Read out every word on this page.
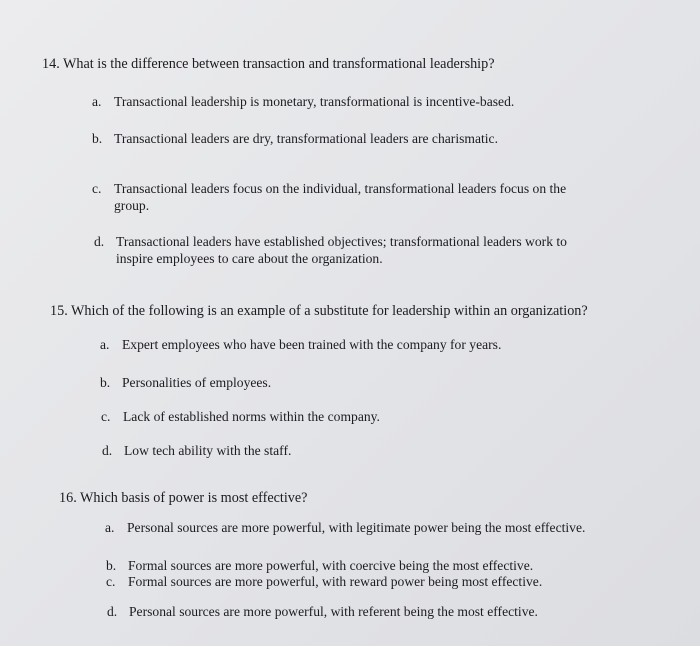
14. What is the difference between transaction and transformational leadership?
a. Transactional leadership is monetary, transformational is incentive-based.
b. Transactional leaders are dry, transformational leaders are charismatic.
c. Transactional leaders focus on the individual, transformational leaders focus on the
group.
d. Transactional leaders have established objectives; transformational leaders work to
inspire employees to care about the organization.
15. Which of the following is an example of a substitute for leadership within an organization?
a. Expert employees who have been trained with the company for years.
b. Personalities of employees.
c. Lack of established norms within the company.
d. Low tech ability with the staff.
16. Which basis of power is most effective?
a. Personal sources are more powerful, with legitimate power being the most effective.
b. Formal sources are more powerful, with coercive being the most effective.
c. Formal sources are more powerful, with reward power being most effective.
d. Personal sources are more powerful, with referent being the most effective.
